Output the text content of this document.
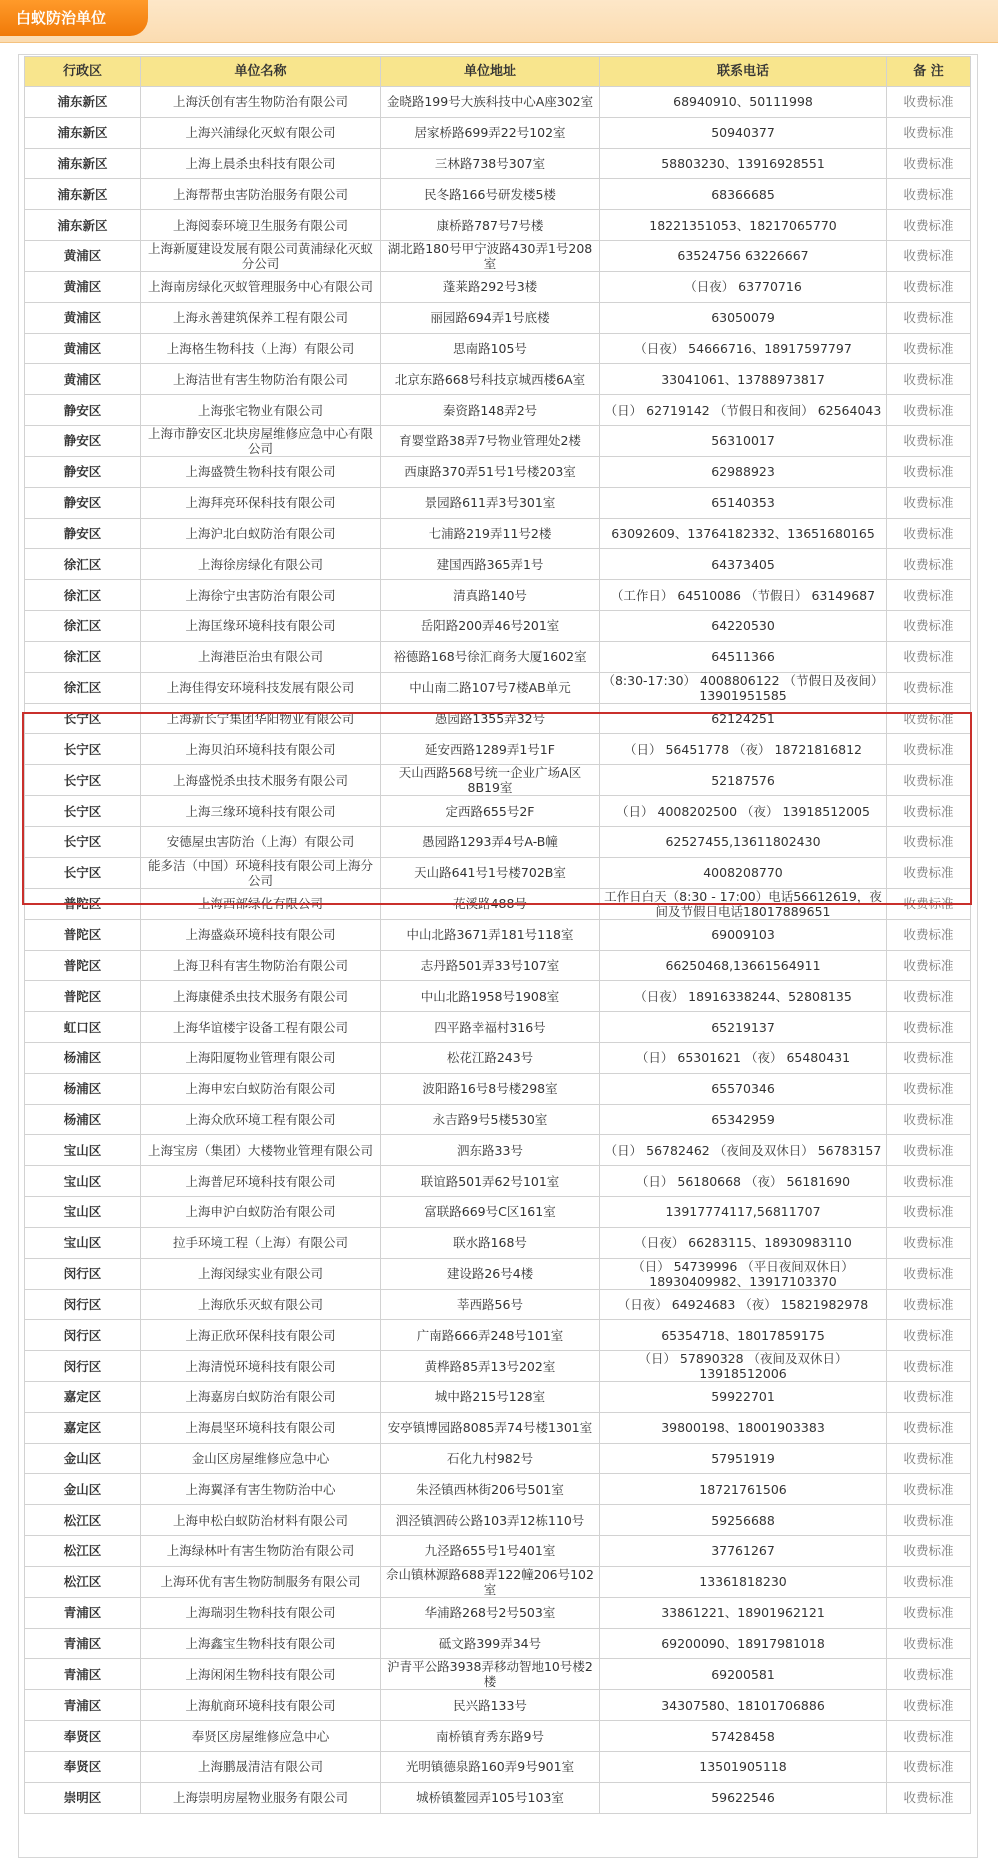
白蚁防治单位
行政区	单位名称	单位地址	联系电话	备 注
浦东新区	上海沃创有害生物防治有限公司	金晓路199号大族科技中心A座302室	68940910、50111998	收费标准
浦东新区	上海兴浦绿化灭蚁有限公司	居家桥路699弄22号102室	50940377	收费标准
浦东新区	上海上晨杀虫科技有限公司	三林路738号307室	58803230、13916928551	收费标准
浦东新区	上海帮帮虫害防治服务有限公司	民冬路166号研发楼5楼	68366685	收费标准
浦东新区	上海阅泰环境卫生服务有限公司	康桥路787号7号楼	18221351053、18217065770	收费标准
黄浦区	上海新厦建设发展有限公司黄浦绿化灭蚁分公司	湖北路180号甲宁波路430弄1号208室	63524756 63226667	收费标准
黄浦区	上海南房绿化灭蚁管理服务中心有限公司	蓬莱路292号3楼	（日夜） 63770716	收费标准
黄浦区	上海永善建筑保养工程有限公司	丽园路694弄1号底楼	63050079	收费标准
黄浦区	上海格生物科技（上海）有限公司	思南路105号	（日夜） 54666716、18917597797	收费标准
黄浦区	上海洁世有害生物防治有限公司	北京东路668号科技京城西楼6A室	33041061、13788973817	收费标准
静安区	上海张宅物业有限公司	秦资路148弄2号	（日） 62719142 （节假日和夜间） 62564043	收费标准
静安区	上海市静安区北块房屋维修应急中心有限公司	育婴堂路38弄7号物业管理处2楼	56310017	收费标准
静安区	上海盛赞生物科技有限公司	西康路370弄51号1号楼203室	62988923	收费标准
静安区	上海拜亮环保科技有限公司	景园路611弄3号301室	65140353	收费标准
静安区	上海沪北白蚁防治有限公司	七浦路219弄11号2楼	63092609、13764182332、13651680165	收费标准
徐汇区	上海徐房绿化有限公司	建国西路365弄1号	64373405	收费标准
徐汇区	上海徐宁虫害防治有限公司	清真路140号	（工作日） 64510086 （节假日） 63149687	收费标准
徐汇区	上海匡缘环境科技有限公司	岳阳路200弄46号201室	64220530	收费标准
徐汇区	上海港臣治虫有限公司	裕德路168号徐汇商务大厦1602室	64511366	收费标准
徐汇区	上海佳得安环境科技发展有限公司	中山南二路107号7楼AB单元	（8:30-17:30） 4008806122 （节假日及夜间） 13901951585	收费标准
长宁区	上海新长宁集团华阳物业有限公司	愚园路1355弄32号	62124251	收费标准
长宁区	上海贝泊环境科技有限公司	延安西路1289弄1号1F	（日） 56451778 （夜） 18721816812	收费标准
长宁区	上海盛悦杀虫技术服务有限公司	天山西路568号统一企业广场A区8B19室	52187576	收费标准
长宁区	上海三缘环境科技有限公司	定西路655号2F	（日） 4008202500 （夜） 13918512005	收费标准
长宁区	安德屋虫害防治（上海）有限公司	愚园路1293弄4号A-B幢	62527455,13611802430	收费标准
长宁区	能多洁（中国）环境科技有限公司上海分公司	天山路641号1号楼702B室	4008208770	收费标准
普陀区	上海西部绿化有限公司	花溪路488号	工作日白天（8:30 - 17:00）电话56612619，夜间及节假日电话18017889651	收费标准
普陀区	上海盛焱环境科技有限公司	中山北路3671弄181号118室	69009103	收费标准
普陀区	上海卫科有害生物防治有限公司	志丹路501弄33号107室	66250468,13661564911	收费标准
普陀区	上海康健杀虫技术服务有限公司	中山北路1958号1908室	（日夜） 18916338244、52808135	收费标准
虹口区	上海华谊楼宇设备工程有限公司	四平路幸福村316号	65219137	收费标准
杨浦区	上海阳厦物业管理有限公司	松花江路243号	（日） 65301621 （夜） 65480431	收费标准
杨浦区	上海申宏白蚁防治有限公司	波阳路16号8号楼298室	65570346	收费标准
杨浦区	上海众欣环境工程有限公司	永吉路9号5楼530室	65342959	收费标准
宝山区	上海宝房（集团）大楼物业管理有限公司	泗东路33号	（日） 56782462 （夜间及双休日） 56783157	收费标准
宝山区	上海普尼环境科技有限公司	联谊路501弄62号101室	（日） 56180668 （夜） 56181690	收费标准
宝山区	上海申沪白蚁防治有限公司	富联路669号C区161室	13917774117,56811707	收费标准
宝山区	拉手环境工程（上海）有限公司	联水路168号	（日夜） 66283115、18930983110	收费标准
闵行区	上海闵绿实业有限公司	建设路26号4楼	（日） 54739996 （平日夜间双休日） 18930409982、13917103370	收费标准
闵行区	上海欣乐灭蚁有限公司	莘西路56号	（日夜） 64924683 （夜） 15821982978	收费标准
闵行区	上海正欣环保科技有限公司	广南路666弄248号101室	65354718、18017859175	收费标准
闵行区	上海清悦环境科技有限公司	黄桦路85弄13号202室	（日） 57890328 （夜间及双休日） 13918512006	收费标准
嘉定区	上海嘉房白蚁防治有限公司	城中路215号128室	59922701	收费标准
嘉定区	上海晨坚环境科技有限公司	安亭镇博园路8085弄74号楼1301室	39800198、18001903383	收费标准
金山区	金山区房屋维修应急中心	石化九村982号	57951919	收费标准
金山区	上海翼泽有害生物防治中心	朱泾镇西林街206号501室	18721761506	收费标准
松江区	上海申松白蚁防治材料有限公司	泗泾镇泗砖公路103弄12栋110号	59256688	收费标准
松江区	上海绿林叶有害生物防治有限公司	九泾路655号1号401室	37761267	收费标准
松江区	上海环优有害生物防制服务有限公司	佘山镇林源路688弄122幢206号102室	13361818230	收费标准
青浦区	上海瑞羽生物科技有限公司	华浦路268号2号503室	33861221、18901962121	收费标准
青浦区	上海鑫宝生物科技有限公司	砥文路399弄34号	69200090、18917981018	收费标准
青浦区	上海闲闲生物科技有限公司	沪青平公路3938弄移动智地10号楼2楼	69200581	收费标准
青浦区	上海航商环境科技有限公司	民兴路133号	34307580、18101706886	收费标准
奉贤区	奉贤区房屋维修应急中心	南桥镇育秀东路9号	57428458	收费标准
奉贤区	上海鹏晟清洁有限公司	光明镇德泉路160弄9号901室	13501905118	收费标准
崇明区	上海崇明房屋物业服务有限公司	城桥镇鳌园弄105号103室	59622546	收费标准
